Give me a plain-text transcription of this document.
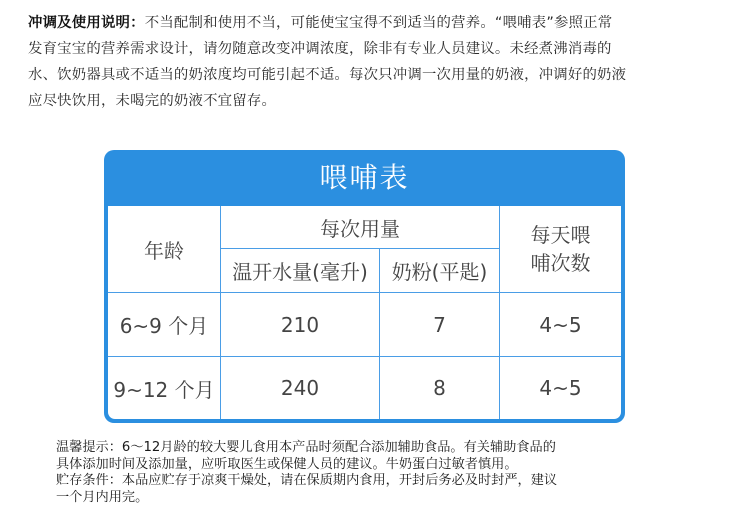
冲调及使用说明：不当配制和使用不当，可能使宝宝得不到适当的营养。“喂哺表”参照正常
发育宝宝的营养需求设计，请勿随意改变冲调浓度，除非有专业人员建议。未经煮沸消毒的
水、饮奶器具或不适当的奶浓度均可能引起不适。每次只冲调一次用量的奶液，冲调好的奶液
应尽快饮用，未喝完的奶液不宜留存。
喂哺表
年龄
每次用量
温开水量(毫升)	奶粉(平匙)
每天喂
哺次数
6~9 个月	210	7	4~5
9~12 个月	240	8	4~5
温馨提示：6～12月龄的较大婴儿食用本产品时须配合添加辅助食品。有关辅助食品的
具体添加时间及添加量，应听取医生或保健人员的建议。牛奶蛋白过敏者慎用。
贮存条件：本品应贮存于凉爽干燥处，请在保质期内食用，开封后务必及时封严，建议
一个月内用完。
